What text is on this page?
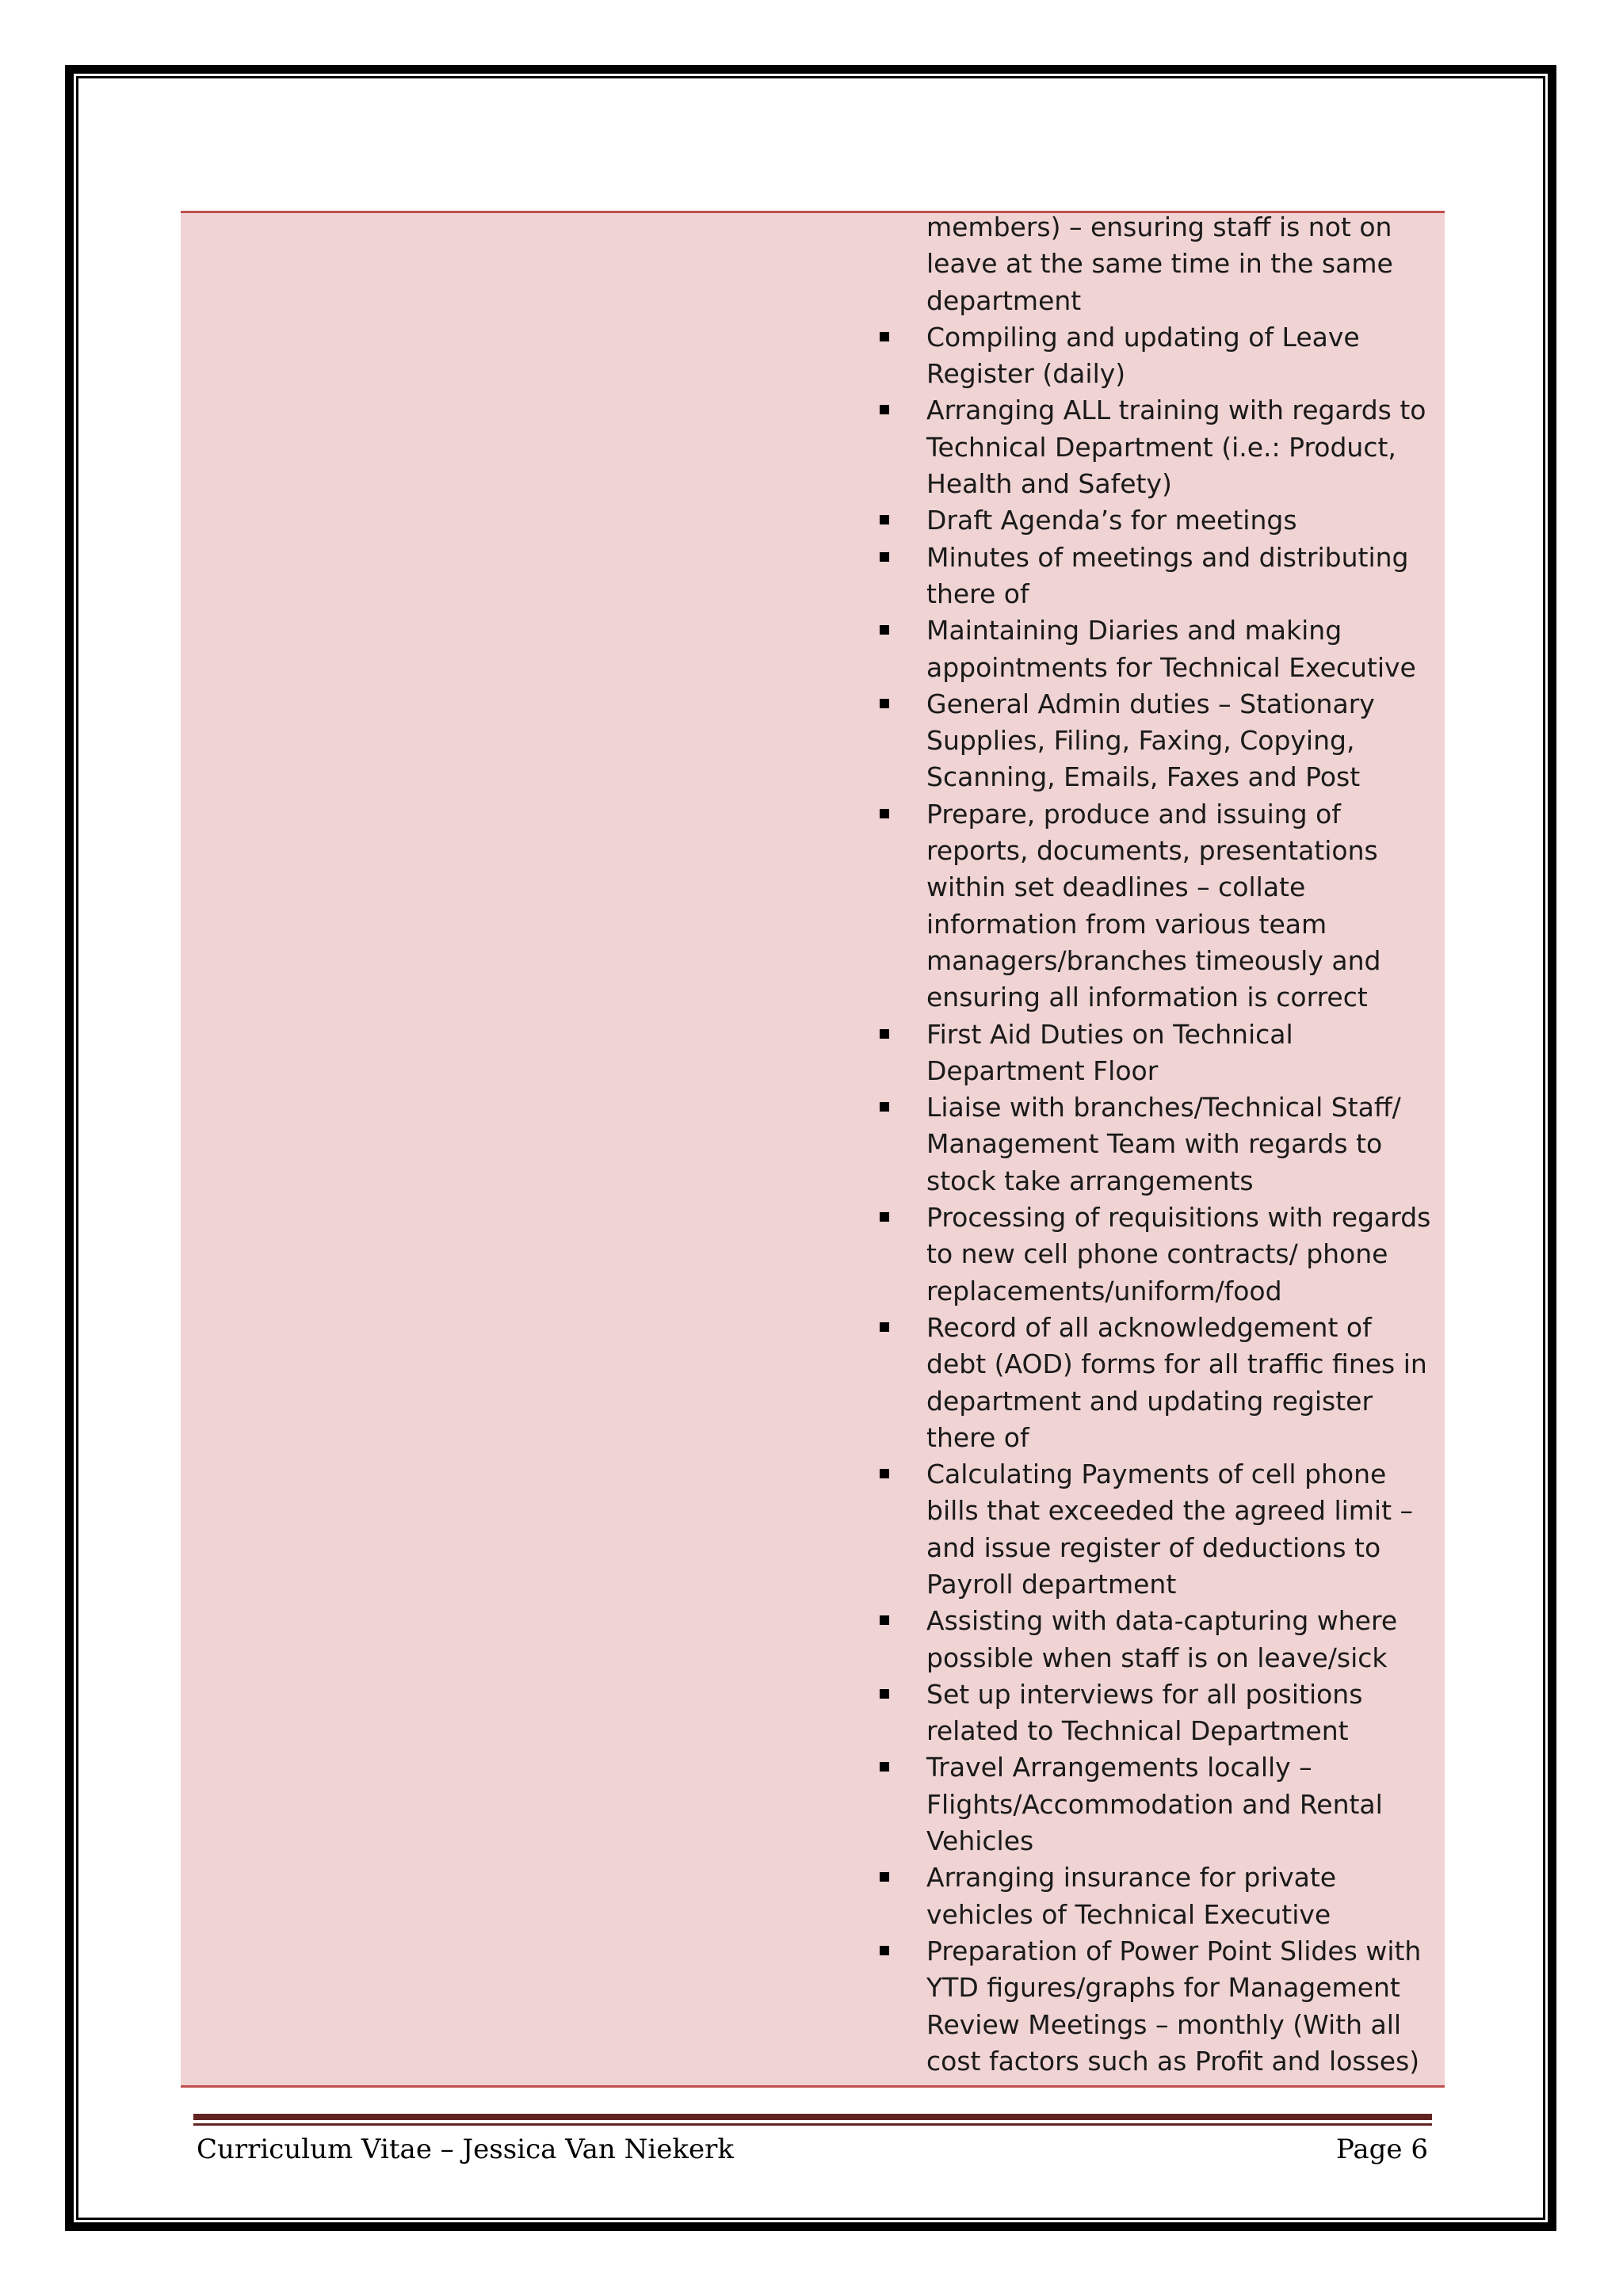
members) – ensuring staff is not on leave at the same time in the same department
Compiling and updating of Leave Register (daily)
Arranging ALL training with regards to Technical Department (i.e.: Product, Health and Safety)
Draft Agenda’s for meetings
Minutes of meetings and distributing there of
Maintaining Diaries and making appointments for Technical Executive
General Admin duties – Stationary Supplies, Filing, Faxing, Copying, Scanning, Emails, Faxes and Post
Prepare, produce and issuing of reports, documents, presentations within set deadlines – collate information from various team managers/branches timeously and ensuring all information is correct
First Aid Duties on Technical Department Floor
Liaise with branches/Technical Staff/ Management Team with regards to stock take arrangements
Processing of requisitions with regards to new cell phone contracts/ phone replacements/uniform/food
Record of all acknowledgement of debt (AOD) forms for all traffic fines in department and updating register there of
Calculating Payments of cell phone bills that exceeded the agreed limit – and issue register of deductions to Payroll department
Assisting with data-capturing where possible when staff is on leave/sick
Set up interviews for all positions related to Technical Department
Travel Arrangements locally – Flights/Accommodation and Rental Vehicles
Arranging insurance for private vehicles of Technical Executive
Preparation of Power Point Slides with YTD figures/graphs for Management Review Meetings – monthly (With all cost factors such as Profit and losses)
Curriculum Vitae – Jessica Van Niekerk	Page 6
